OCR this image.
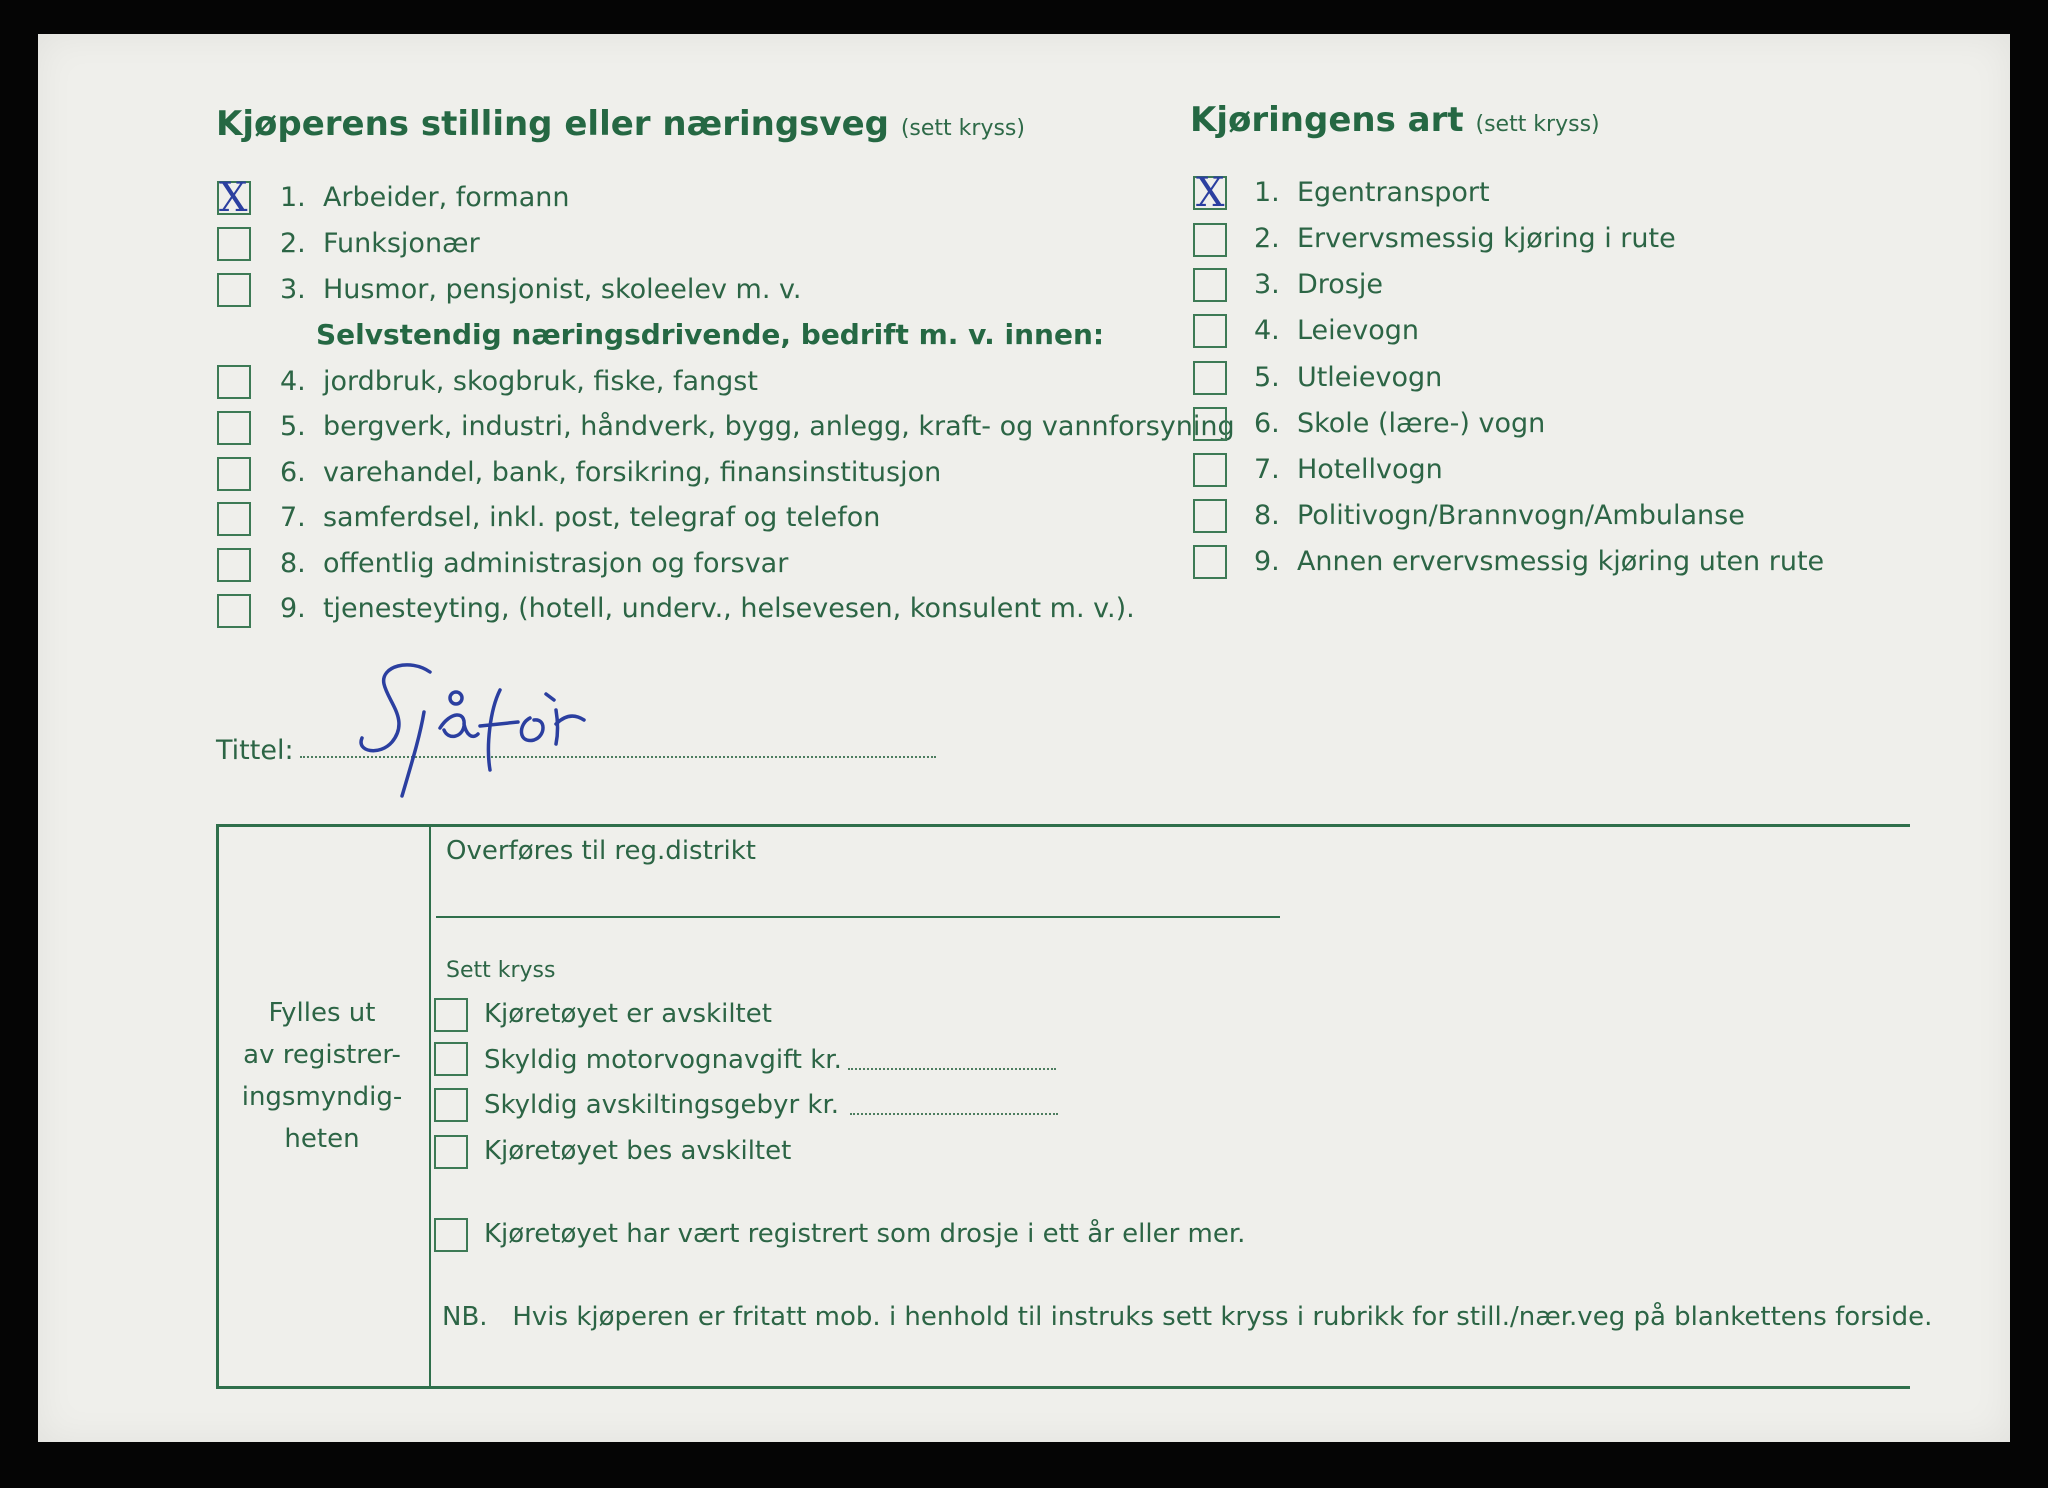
Kjøperens stilling eller næringsveg (sett kryss)
X 1. Arbeider, formann
2. Funksjonær
3. Husmor, pensjonist, skoleelev m. v.
Selvstendig næringsdrivende, bedrift m. v. innen:
4. jordbruk, skogbruk, fiske, fangst
5. bergverk, industri, håndverk, bygg, anlegg, kraft- og vannforsyning
6. varehandel, bank, forsikring, finansinstitusjon
7. samferdsel, inkl. post, telegraf og telefon
8. offentlig administrasjon og forsvar
9. tjenesteyting, (hotell, underv., helsevesen, konsulent m. v.).
Tittel:
Kjøringens art (sett kryss)
X 1. Egentransport
2. Ervervsmessig kjøring i rute
3. Drosje
4. Leievogn
5. Utleievogn
6. Skole (lære-) vogn
7. Hotellvogn
8. Politivogn/Brannvogn/Ambulanse
9. Annen ervervsmessig kjøring uten rute
Fylles ut
av registrer-
ingsmyndig-
heten
Overføres til reg.distrikt
Sett kryss
Kjøretøyet er avskiltet
Skyldig motorvognavgift kr.
Skyldig avskiltingsgebyr kr.
Kjøretøyet bes avskiltet
Kjøretøyet har vært registrert som drosje i ett år eller mer.
NB. Hvis kjøperen er fritatt mob. i henhold til instruks sett kryss i rubrikk for still./nær.veg på blankettens forside.
